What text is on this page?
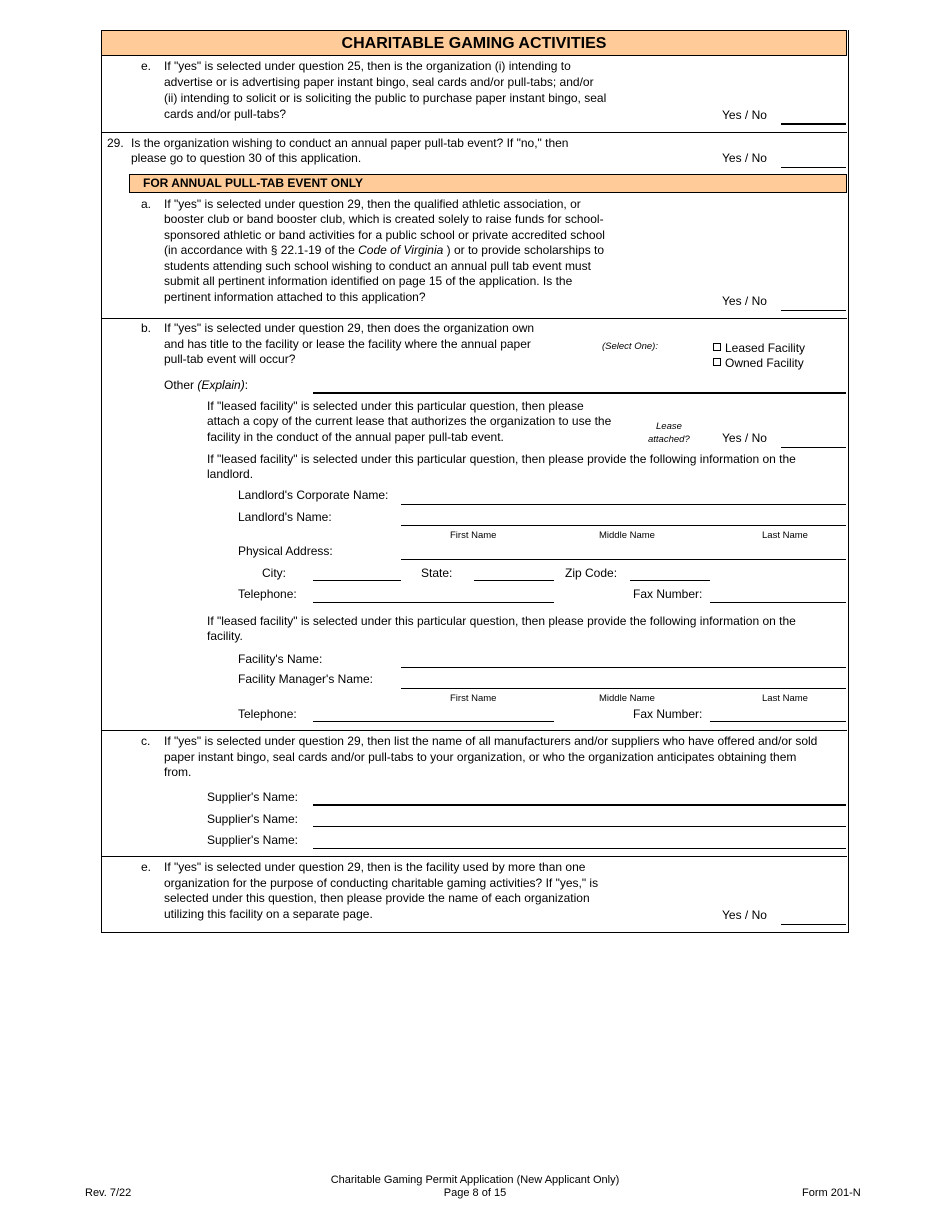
CHARITABLE GAMING ACTIVITIES
e. If "yes" is selected under question 25, then is the organization (i) intending to
advertise or is advertising paper instant bingo, seal cards and/or pull-tabs; and/or
(ii) intending to solicit or is soliciting the public to purchase paper instant bingo, seal
cards and/or pull-tabs?	Yes / No
29. Is the organization wishing to conduct an annual paper pull-tab event? If "no," then
please go to question 30 of this application.	Yes / No
FOR ANNUAL PULL-TAB EVENT ONLY
a. If "yes" is selected under question 29, then the qualified athletic association, or
booster club or band booster club, which is created solely to raise funds for school-
sponsored athletic or band activities for a public school or private accredited school
(in accordance with § 22.1-19 of the Code of Virginia ) or to provide scholarships to
students attending such school wishing to conduct an annual pull tab event must
submit all pertinent information identified on page 15 of the application. Is the
pertinent information attached to this application?	Yes / No
b. If "yes" is selected under question 29, then does the organization own
and has title to the facility or lease the facility where the annual paper
pull-tab event will occur?
(Select One):	Leased Facility
Owned Facility
Other (Explain):
If "leased facility" is selected under this particular question, then please
attach a copy of the current lease that authorizes the organization to use the
facility in the conduct of the annual paper pull-tab event.
Lease
attached?	Yes / No
If "leased facility" is selected under this particular question, then please provide the following information on the
landlord.
Landlord's Corporate Name:
Landlord's Name:
First Name	Middle Name	Last Name
Physical Address:
City:	State:	Zip Code:
Telephone:	Fax Number:
If "leased facility" is selected under this particular question, then please provide the following information on the
facility.
Facility's Name:
Facility Manager's Name:
First Name	Middle Name	Last Name
Telephone:	Fax Number:
c. If "yes" is selected under question 29, then list the name of all manufacturers and/or suppliers who have offered and/or sold
paper instant bingo, seal cards and/or pull-tabs to your organization, or who the organization anticipates obtaining them
from.
Supplier's Name:
Supplier's Name:
Supplier's Name:
e. If "yes" is selected under question 29, then is the facility used by more than one
organization for the purpose of conducting charitable gaming activities? If "yes," is
selected under this question, then please provide the name of each organization
utilizing this facility on a separate page.	Yes / No
Rev. 7/22
Charitable Gaming Permit Application (New Applicant Only)
Page 8 of 15	Form 201-N
